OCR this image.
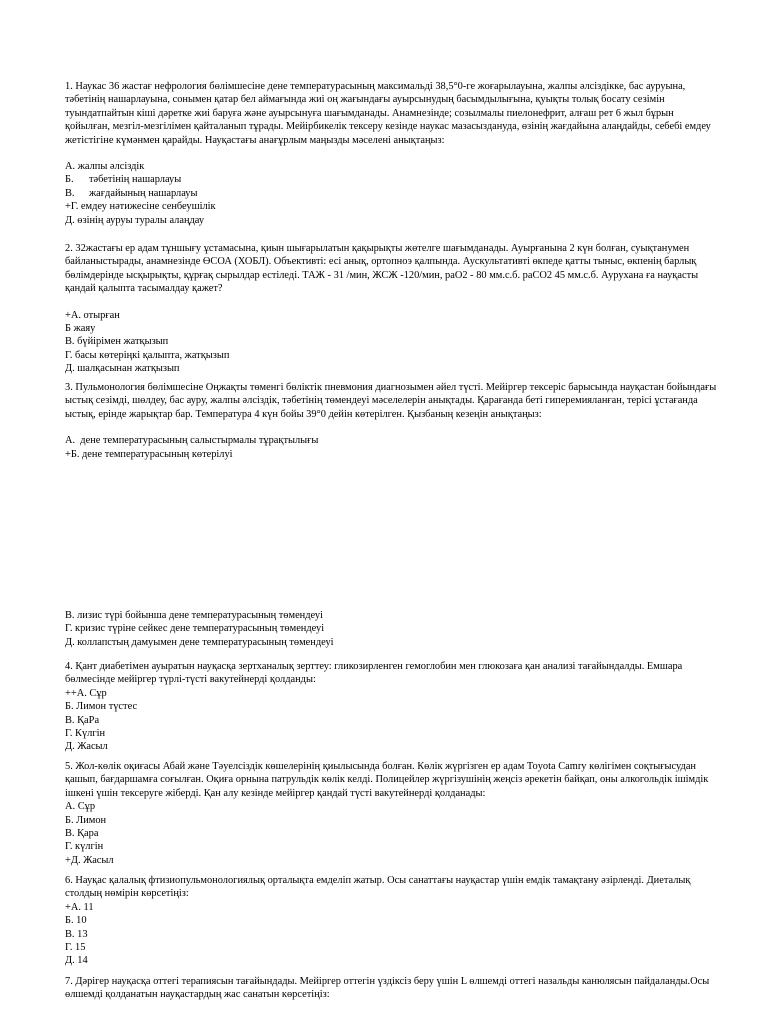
1. Наукас 36 жастағ нефрология бөлімшесіне дене температурасының максимальді 38,5°0-ге жоғарылауына, жалпы әлсіздікке, бас ауруына, тәбетінің нашарлауына, сонымен қатар бел аймағында жиі оң жағындағы ауырсынудың басымдылығына, қуықты толық босату сезімін туындатпайтын кіші дәретке жиі баруға және ауырсынуға шағымданады. Анамнезінде; созылмалы пиелонефрит, алғаш рет 6 жыл бұрын қойылған, мезгіл-мезгілімен қайталанып тұрады. Мейірбикелік тексеру кезінде наукас мазасыздануда, өзінің жағдайына алаңдайды, себебі емдеу жетістігіне күмәнмен қарайды. Науқастағы анағұрлым маңызды мәселені анықтаңыз:

А. жалпы әлсіздік

Б. тәбетінің нашарлауы

В. жағдайының нашарлауы

+Г. емдеу нәтижесіне сенбеушілік

Д. өзінің ауруы туралы алаңдау

2. 32жастағы ер адам тұншығу ұстамасына, қиын шығарылатын қақырықты жөтелге шағымданады. Ауырғанына 2 күн болған, суықтанумен байланыстырады, анамнезінде ӨСОА (ХОБЛ). Объективті: есі анық, ортопноэ қалпында. Аускультативті өкпеде қатты тыныс, өкпенің барлық бөлімдерінде ысқырықты, құрғақ сырылдар естіледі. ТАЖ - 31 /мин, ЖСЖ -120/мин, раО2 - 80 мм.с.б. раСО2 45 мм.с.б. Аурухана ға науқасты қандай қалыпта тасымалдау қажет?

+А. отырған

Б жаяу

В. бүйірімен жатқызып

Г. басы көтеріңкі қалыпта, жатқызып

Д. шалқасынан жатқызып

3. Пульмонология бөлімшесіне Оңжақты төменгі бөліктік пневмония диагнозымен әйел түсті. Мейіргер тексеріс барысында науқастан бойындағы ыстық сезімді, шөлдеу, бас ауру, жалпы әлсіздік, тәбетінің төмендеуі мәселелерін анықтады. Қарағанда беті гиперемияланған, терісі ұстағанда ыстық, ерінде жарықтар бар. Температура 4 күн бойы 39°0 дейін көтерілген. Қызбаның кезеңін анықтаңыз:

А.  дене температурасының салыстырмалы тұрақтылығы

+Б. дене температурасының көтерілуі

В. лизис түрі бойынша дене температурасының төмендеуі

Г. кризис түріне сейкес дене температурасының төмендеуі

Д. коллапстың дамуымен дене температурасының төмендеуі

4. Қант диабетімен ауыратын науқасқа зертханалық зерттеу: гликозирленген гемоглобин мен глюкозаға қан анализі тағайындалды. Емшара бөлмесінде мейіргер түрлі-түсті вакутейнерді қолданды:

++А. Сұр

Б. Лимон түстес

В. ҚаРа

Г. Күлгін

Д. Жасыл

5. Жол-көлік оқиғасы Абай және Тәуелсіздік көшелерінің қиылысында болған. Көлік жүргізген ер адам Toyota Camry көлігімен соқтығысудан қашып, бағдаршамға соғылған. Оқиға орнына патрульдік көлік келді. Полицейлер жүргізушінің жеңсіз әрекетін байқап, оны алкогольдік ішімдік ішкені үшін тексеруге жіберді. Қан алу кезінде мейіргер қандай түсті вакутейнерді қолданады:

А. Сұр

Б. Лимон

В. Қара

Г. күлгін

+Д. Жасыл

6. Науқас қалалық фтизиопульмонологиялық орталықта емделіп жатыр. Осы санаттағы науқастар үшін емдік тамақтану әзірленді. Диеталық столдың нөмірін көрсетіңіз:

+А. 11

Б. 10

В. 13

Г. 15

Д. 14

7. Дәрігер науқасқа оттегі терапиясын тағайындады. Мейіргер оттегін үздіксіз беру үшін L өлшемді оттегі назальды канюлясын пайдаланды.Осы өлшемді қолданатын науқастардың жас санатын көрсетіңіз:
